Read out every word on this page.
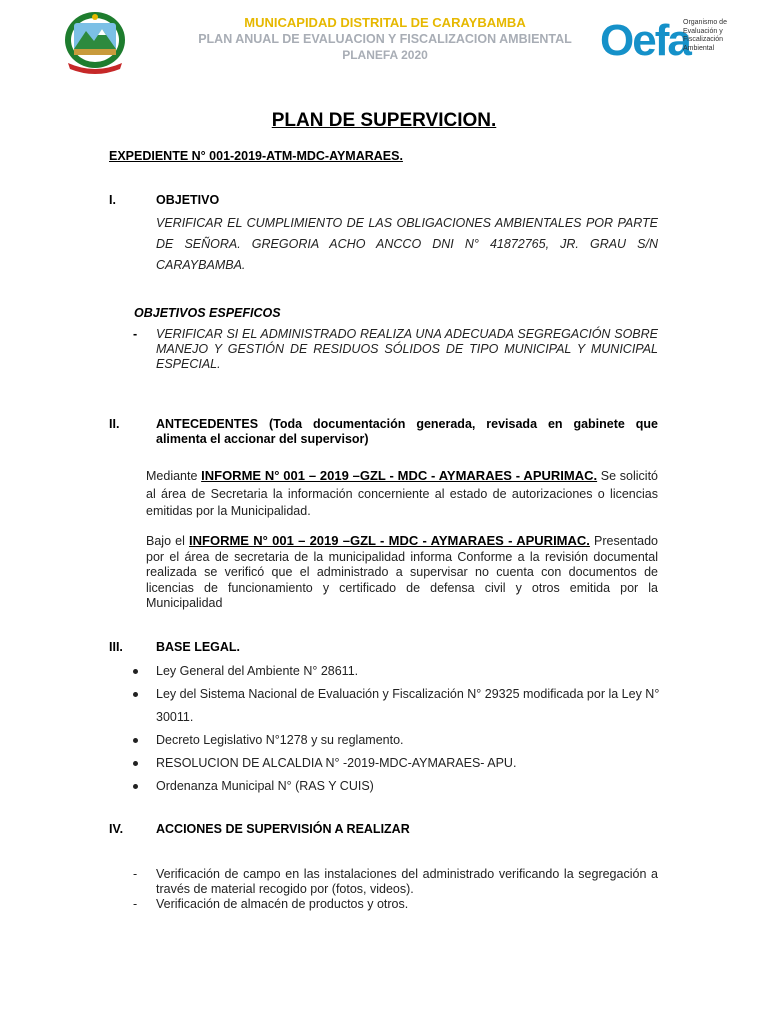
MUNICAPIDAD DISTRITAL DE CARAYBAMBA
PLAN ANUAL DE EVALUACION Y FISCALIZACION AMBIENTAL
PLANEFA 2020	Oefa
Organismo de Evaluación y Fiscalización Ambiental
PLAN DE SUPERVICION.
EXPEDIENTE N° 001-2019-ATM-MDC-AYMARAES.
I.	OBJETIVO
VERIFICAR EL CUMPLIMIENTO DE LAS OBLIGACIONES AMBIENTALES POR PARTE DE SEÑORA. GREGORIA ACHO ANCCO DNI N° 41872765, JR. GRAU S/N CARAYBAMBA.
OBJETIVOS ESPEFICOS
- VERIFICAR SI EL ADMINISTRADO REALIZA UNA ADECUADA SEGREGACIÓN SOBRE MANEJO Y GESTIÓN DE RESIDUOS SÓLIDOS DE TIPO MUNICIPAL Y MUNICIPAL ESPECIAL.
II.	ANTECEDENTES (Toda documentación generada, revisada en gabinete que alimenta el accionar del supervisor)
Mediante INFORME N° 001 – 2019 –GZL - MDC - AYMARAES - APURIMAC. Se solicitó al área de Secretaria la información concerniente al estado de autorizaciones o licencias emitidas por la Municipalidad.
Bajo el INFORME N° 001 – 2019 –GZL - MDC - AYMARAES - APURIMAC. Presentado por el área de secretaria de la municipalidad informa Conforme a la revisión documental realizada se verificó que el administrado a supervisar no cuenta con documentos de licencias de funcionamiento y certificado de defensa civil y otros emitida por la Municipalidad
III.	BASE LEGAL.
Ley General del Ambiente N° 28611.
Ley del Sistema Nacional de Evaluación y Fiscalización N° 29325 modificada por la Ley N° 30011.
Decreto Legislativo N°1278 y su reglamento.
RESOLUCION DE ALCALDIA N° -2019-MDC-AYMARAES- APU.
Ordenanza Municipal N° (RAS Y CUIS)
IV.	ACCIONES DE SUPERVISIÓN A REALIZAR
- Verificación de campo en las instalaciones del administrado verificando la segregación a través de material recogido por (fotos, videos).
- Verificación de almacén de productos y otros.
